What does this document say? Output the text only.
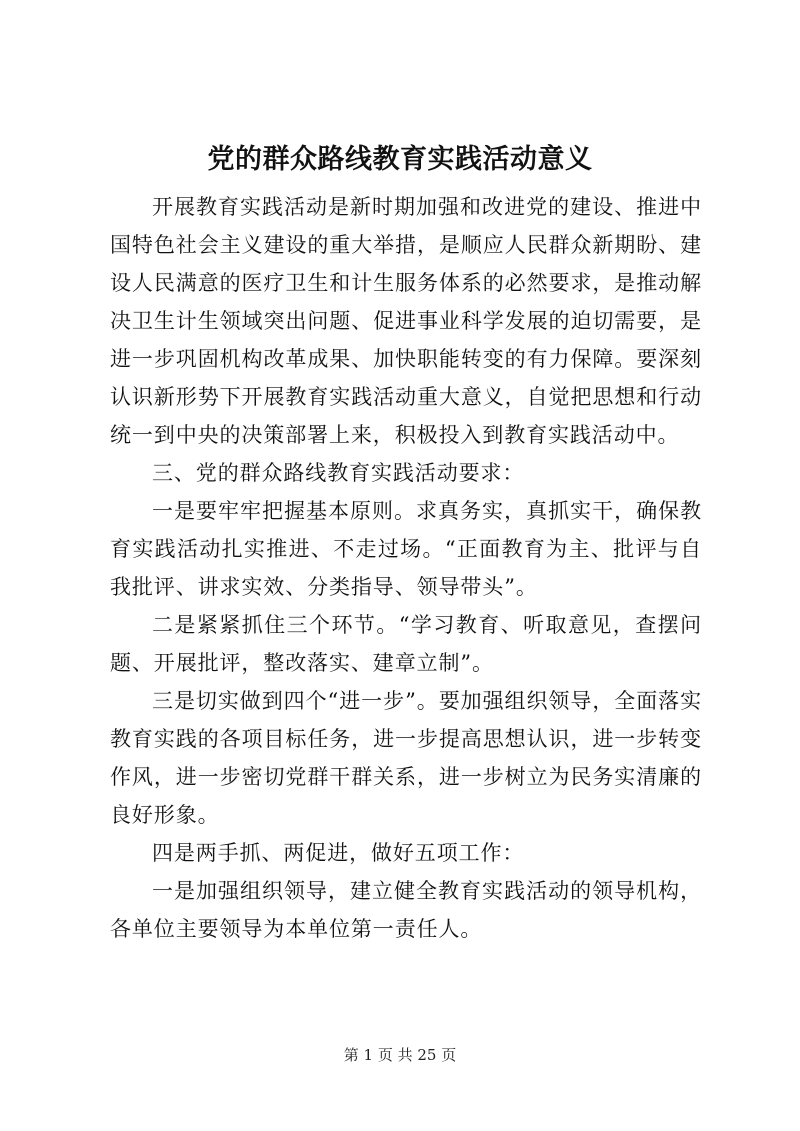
党的群众路线教育实践活动意义

开展教育实践活动是新时期加强和改进党的建设、推进中国特色社会主义建设的重大举措，是顺应人民群众新期盼、建设人民满意的医疗卫生和计生服务体系的必然要求，是推动解决卫生计生领域突出问题、促进事业科学发展的迫切需要，是进一步巩固机构改革成果、加快职能转变的有力保障。要深刻认识新形势下开展教育实践活动重大意义，自觉把思想和行动统一到中央的决策部署上来，积极投入到教育实践活动中。

三、党的群众路线教育实践活动要求：

一是要牢牢把握基本原则。求真务实，真抓实干，确保教育实践活动扎实推进、不走过场。“正面教育为主、批评与自我批评、讲求实效、分类指导、领导带头”。

二是紧紧抓住三个环节。“学习教育、听取意见，查摆问题、开展批评，整改落实、建章立制”。

三是切实做到四个“进一步”。要加强组织领导，全面落实教育实践的各项目标任务，进一步提高思想认识，进一步转变作风，进一步密切党群干群关系，进一步树立为民务实清廉的良好形象。

四是两手抓、两促进，做好五项工作：

一是加强组织领导，建立健全教育实践活动的领导机构，各单位主要领导为本单位第一责任人。

第 1 页 共 25 页
